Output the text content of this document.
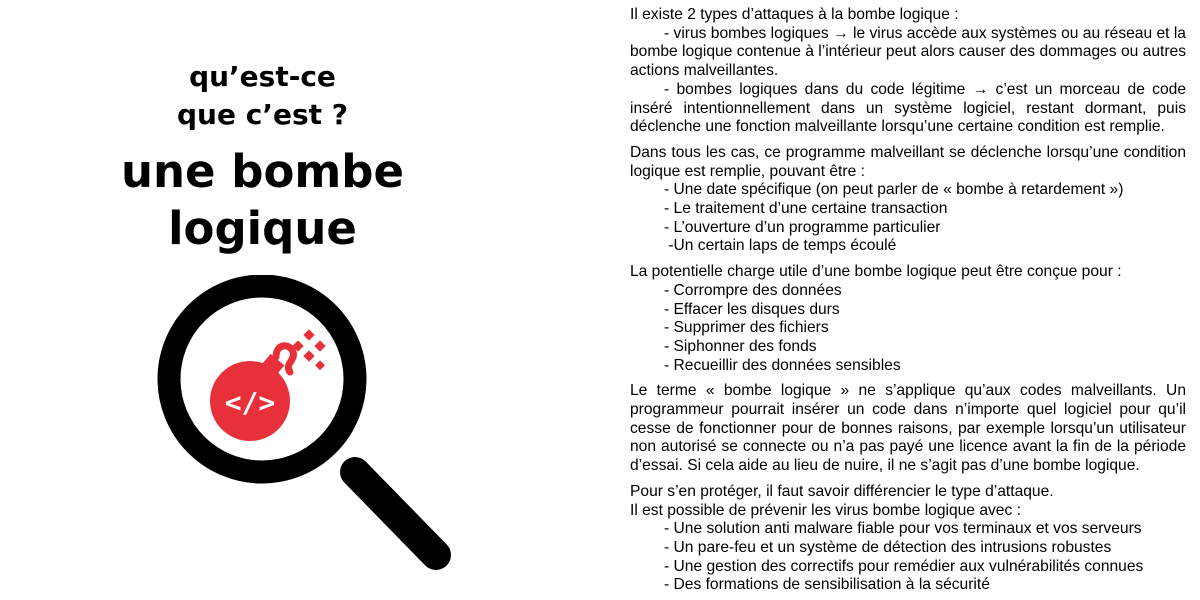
qu’est-ce
que c’est ?
une bombe
logique
</>
Il existe 2 types d’attaques à la bombe logique :
- virus bombes logiques → le virus accède aux systèmes ou au réseau et la bombe logique contenue à l’intérieur peut alors causer des dommages ou autres actions malveillantes.
- bombes logiques dans du code légitime → c’est un morceau de code inséré intentionnellement dans un système logiciel, restant dormant, puis déclenche une fonction malveillante lorsqu’une certaine condition est remplie.
Dans tous les cas, ce programme malveillant se déclenche lorsqu’une condition logique est remplie, pouvant être :
- Une date spécifique (on peut parler de « bombe à retardement »)
- Le traitement d’une certaine transaction
- L’ouverture d’un programme particulier
-Un certain laps de temps écoulé
La potentielle charge utile d’une bombe logique peut être conçue pour :
- Corrompre des données
- Effacer les disques durs
- Supprimer des fichiers
- Siphonner des fonds
- Recueillir des données sensibles
Le terme « bombe logique » ne s’applique qu’aux codes malveillants. Un programmeur pourrait insérer un code dans n’importe quel logiciel pour qu’il cesse de fonctionner pour de bonnes raisons, par exemple lorsqu’un utilisateur non autorisé se connecte ou n’a pas payé une licence avant la fin de la période d’essai. Si cela aide au lieu de nuire, il ne s’agit pas d’une bombe logique.
Pour s’en protéger, il faut savoir différencier le type d’attaque.
Il est possible de prévenir les virus bombe logique avec :
- Une solution anti malware fiable pour vos terminaux et vos serveurs
- Un pare-feu et un système de détection des intrusions robustes
- Une gestion des correctifs pour remédier aux vulnérabilités connues
- Des formations de sensibilisation à la sécurité
